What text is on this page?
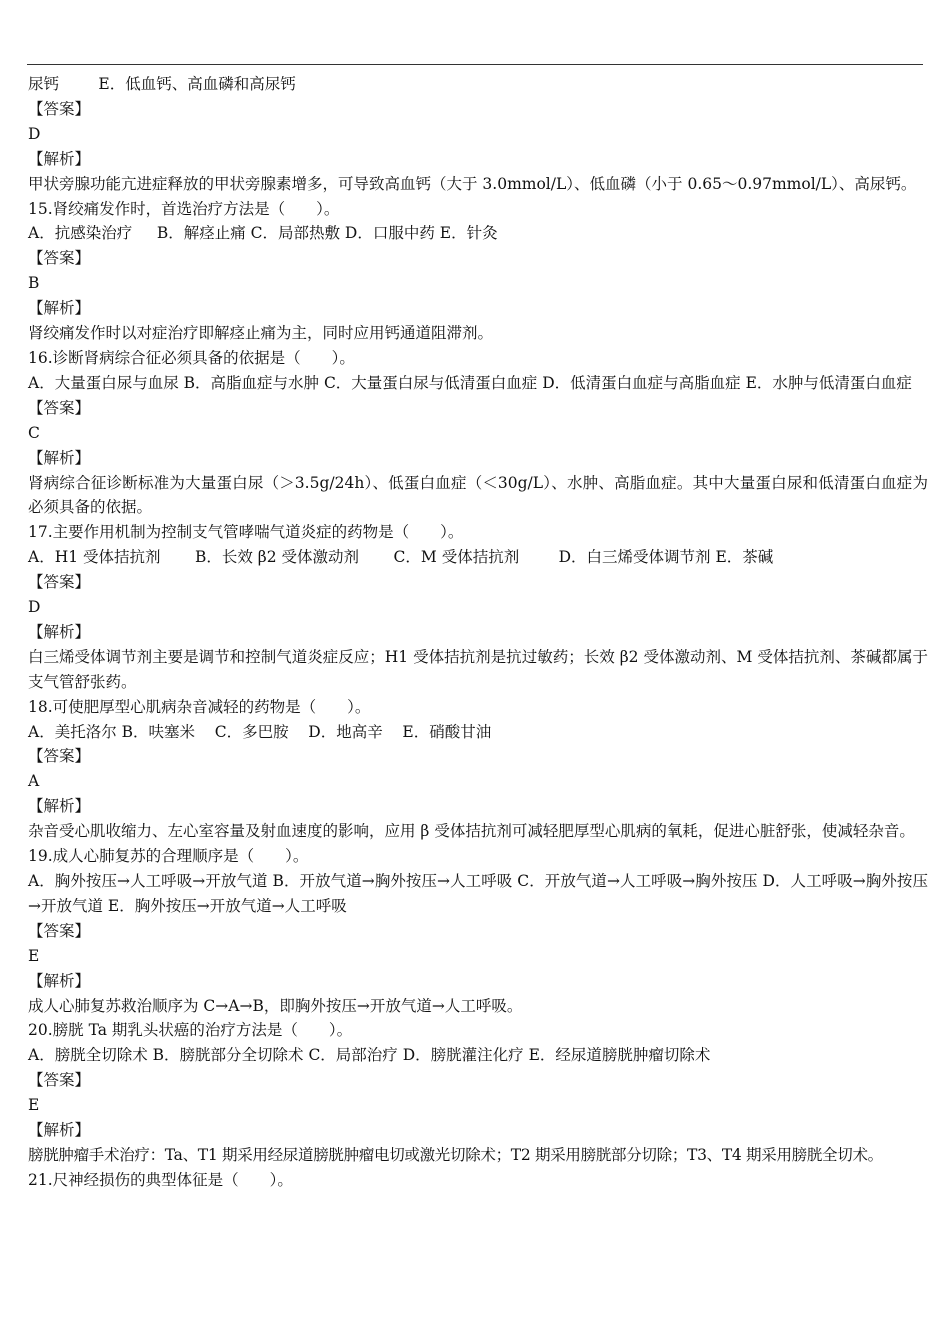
尿钙        E．低血钙、高血磷和高尿钙

【答案】

D

【解析】

甲状旁腺功能亢进症释放的甲状旁腺素增多，可导致高血钙（大于 3.0mmol/L）、低血磷（小于 0.65～0.97mmol/L）、高尿钙。

15.肾绞痛发作时，首选治疗方法是（　　）。

A．抗感染治疗     B．解痉止痛 C．局部热敷 D．口服中药 E．针灸

【答案】

B

【解析】

肾绞痛发作时以对症治疗即解痉止痛为主，同时应用钙通道阻滞剂。

16.诊断肾病综合征必须具备的依据是（　　）。

A．大量蛋白尿与血尿 B．高脂血症与水肿 C．大量蛋白尿与低清蛋白血症 D．低清蛋白血症与高脂血症 E．水肿与低清蛋白血症

【答案】

C

【解析】

肾病综合征诊断标准为大量蛋白尿（＞3.5g/24h）、低蛋白血症（＜30g/L）、水肿、高脂血症。其中大量蛋白尿和低清蛋白血症为必须具备的依据。

17.主要作用机制为控制支气管哮喘气道炎症的药物是（　　）。

A．H1 受体拮抗剂       B．长效 β2 受体激动剂       C．M 受体拮抗剂        D．白三烯受体调节剂 E．茶碱

【答案】

D

【解析】

白三烯受体调节剂主要是调节和控制气道炎症反应；H1 受体拮抗剂是抗过敏药；长效 β2 受体激动剂、M 受体拮抗剂、茶碱都属于支气管舒张药。

18.可使肥厚型心肌病杂音减轻的药物是（　　）。

A．美托洛尔 B．呋塞米    C．多巴胺    D．地高辛    E．硝酸甘油

【答案】

A

【解析】

杂音受心肌收缩力、左心室容量及射血速度的影响，应用 β 受体拮抗剂可减轻肥厚型心肌病的氧耗，促进心脏舒张，使减轻杂音。

19.成人心肺复苏的合理顺序是（　　）。

A．胸外按压→人工呼吸→开放气道 B．开放气道→胸外按压→人工呼吸 C．开放气道→人工呼吸→胸外按压 D．人工呼吸→胸外按压→开放气道 E．胸外按压→开放气道→人工呼吸

【答案】

E

【解析】

成人心肺复苏救治顺序为 C→A→B，即胸外按压→开放气道→人工呼吸。

20.膀胱 Ta 期乳头状癌的治疗方法是（　　）。

A．膀胱全切除术 B．膀胱部分全切除术 C．局部治疗 D．膀胱灌注化疗 E．经尿道膀胱肿瘤切除术

【答案】

E

【解析】

膀胱肿瘤手术治疗：Ta、T1 期采用经尿道膀胱肿瘤电切或激光切除术；T2 期采用膀胱部分切除；T3、T4 期采用膀胱全切术。

21.尺神经损伤的典型体征是（　　）。
